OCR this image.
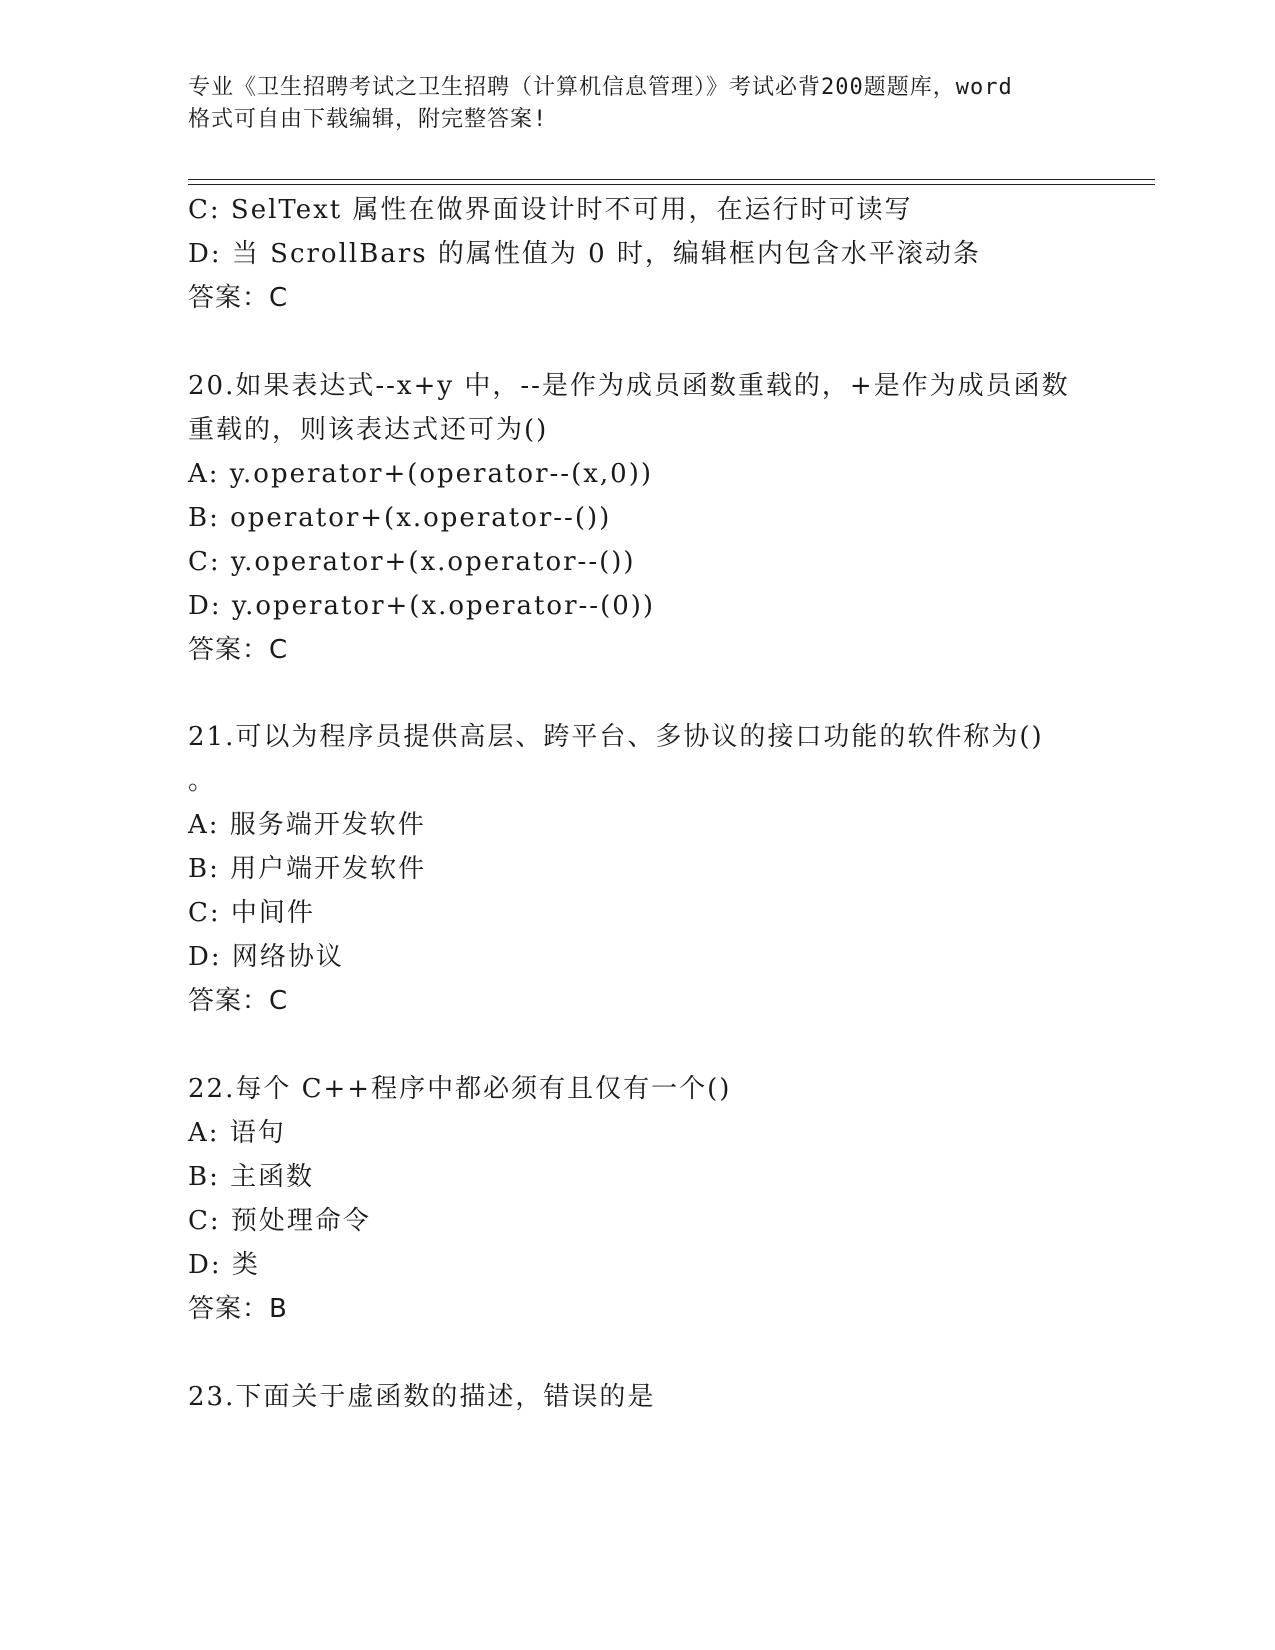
专业《卫生招聘考试之卫生招聘（计算机信息管理）》考试必背200题题库，word
格式可自由下载编辑，附完整答案!
C: SelText 属性在做界面设计时不可用，在运行时可读写
D: 当 ScrollBars 的属性值为 0 时，编辑框内包含水平滚动条
答案：C
20.如果表达式--x+y 中，--是作为成员函数重载的，+是作为成员函数
重载的，则该表达式还可为()
A: y.operator+(operator--(x,0))
B: operator+(x.operator--())
C: y.operator+(x.operator--())
D: y.operator+(x.operator--(0))
答案：C
21.可以为程序员提供高层、跨平台、多协议的接口功能的软件称为()
。
A: 服务端开发软件
B: 用户端开发软件
C: 中间件
D: 网络协议
答案：C
22.每个 C++程序中都必须有且仅有一个()
A: 语句
B: 主函数
C: 预处理命令
D: 类
答案：B
23.下面关于虚函数的描述，错误的是
